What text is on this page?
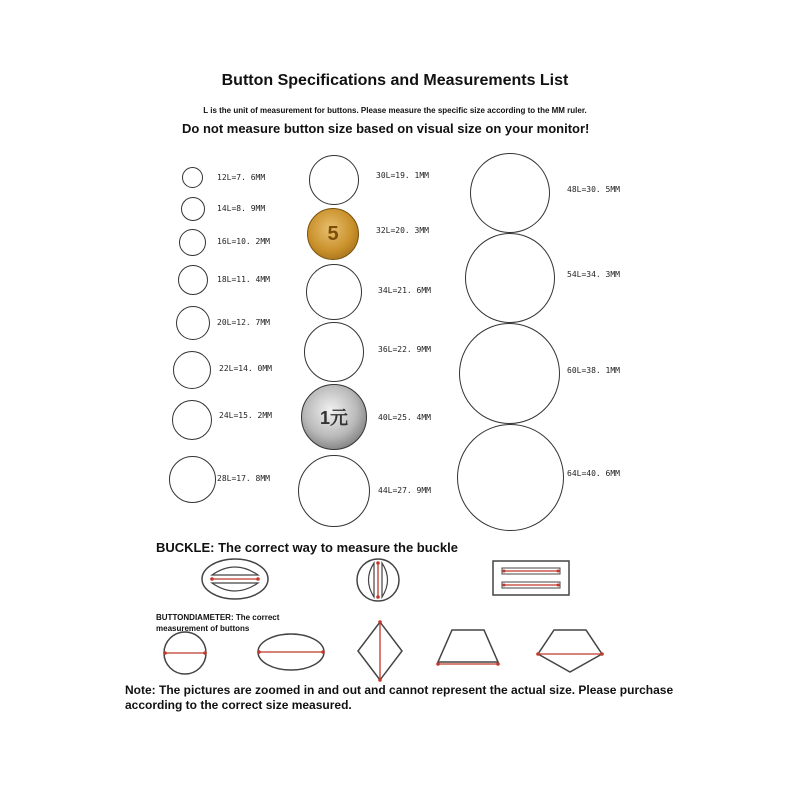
Button Specifications and Measurements List
L is the unit of measurement for buttons. Please measure the specific size according to the MM ruler.
Do not measure button size based on visual size on your monitor!
12L=7. 6MM
14L=8. 9MM
16L=10. 2MM
18L=11. 4MM
20L=12. 7MM
22L=14. 0MM
24L=15. 2MM
28L=17. 8MM
30L=19. 1MM
5	32L=20. 3MM
34L=21. 6MM
36L=22. 9MM
1元	40L=25. 4MM
44L=27. 9MM
48L=30. 5MM
54L=34. 3MM
60L=38. 1MM
64L=40. 6MM
BUCKLE: The correct way to measure the buckle
BUTTONDIAMETER: The correct measurement of buttons
Note: The pictures are zoomed in and out and cannot represent the actual size. Please purchase according to the correct size measured.
